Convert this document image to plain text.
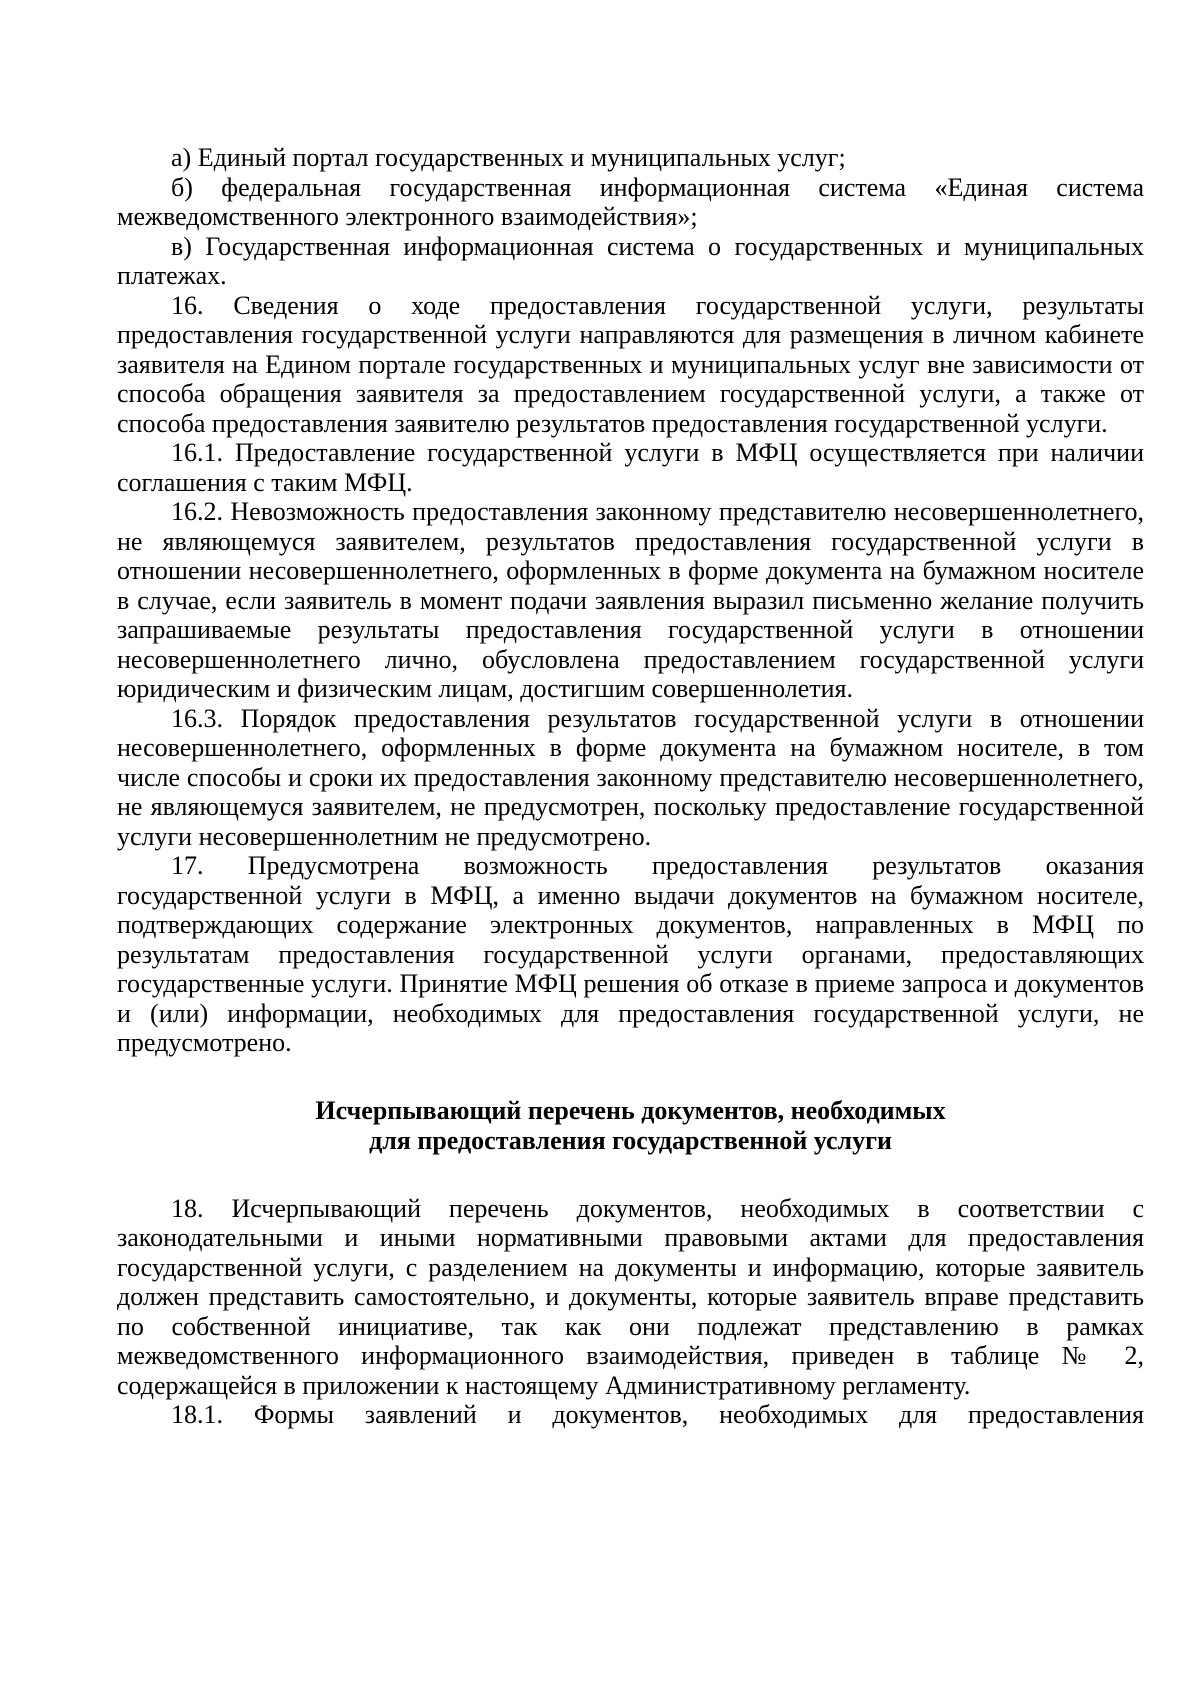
а) Единый портал государственных и муниципальных услуг;

б) федеральная государственная информационная система «Единая система межведомственного электронного взаимодействия»;

в) Государственная информационная система о государственных и муниципальных платежах.

16. Сведения о ходе предоставления государственной услуги, результаты предоставления государственной услуги направляются для размещения в личном кабинете заявителя на Едином портале государственных и муниципальных услуг вне зависимости от способа обращения заявителя за предоставлением государственной услуги, а также от способа предоставления заявителю результатов предоставления государственной услуги.

16.1. Предоставление государственной услуги в МФЦ осуществляется при наличии соглашения с таким МФЦ.

16.2. Невозможность предоставления законному представителю несовершеннолетнего, не являющемуся заявителем, результатов предоставления государственной услуги в отношении несовершеннолетнего, оформленных в форме документа на бумажном носителе в случае, если заявитель в момент подачи заявления выразил письменно желание получить запрашиваемые результаты предоставления государственной услуги в отношении несовершеннолетнего лично, обусловлена предоставлением государственной услуги юридическим и физическим лицам, достигшим совершеннолетия.

16.3. Порядок предоставления результатов государственной услуги в отношении несовершеннолетнего, оформленных в форме документа на бумажном носителе, в том числе способы и сроки их предоставления законному представителю несовершеннолетнего, не являющемуся заявителем, не предусмотрен, поскольку предоставление государственной услуги несовершеннолетним не предусмотрено.

17. Предусмотрена возможность предоставления результатов оказания государственной услуги в МФЦ, а именно выдачи документов на бумажном носителе, подтверждающих содержание электронных документов, направленных в МФЦ по результатам предоставления государственной услуги органами, предоставляющих государственные услуги. Принятие МФЦ решения об отказе в приеме запроса и документов и (или) информации, необходимых для предоставления государственной услуги, не предусмотрено.

Исчерпывающий перечень документов, необходимых
для предоставления государственной услуги

18. Исчерпывающий перечень документов, необходимых в соответствии с законодательными и иными нормативными правовыми актами для предоставления государственной услуги, с разделением на документы и информацию, которые заявитель должен представить самостоятельно, и документы, которые заявитель вправе представить по собственной инициативе, так как они подлежат представлению в рамках межведомственного информационного взаимодействия, приведен в таблице № 2, содержащейся в приложении к настоящему Административному регламенту.

18.1. Формы заявлений и документов, необходимых для предоставления
